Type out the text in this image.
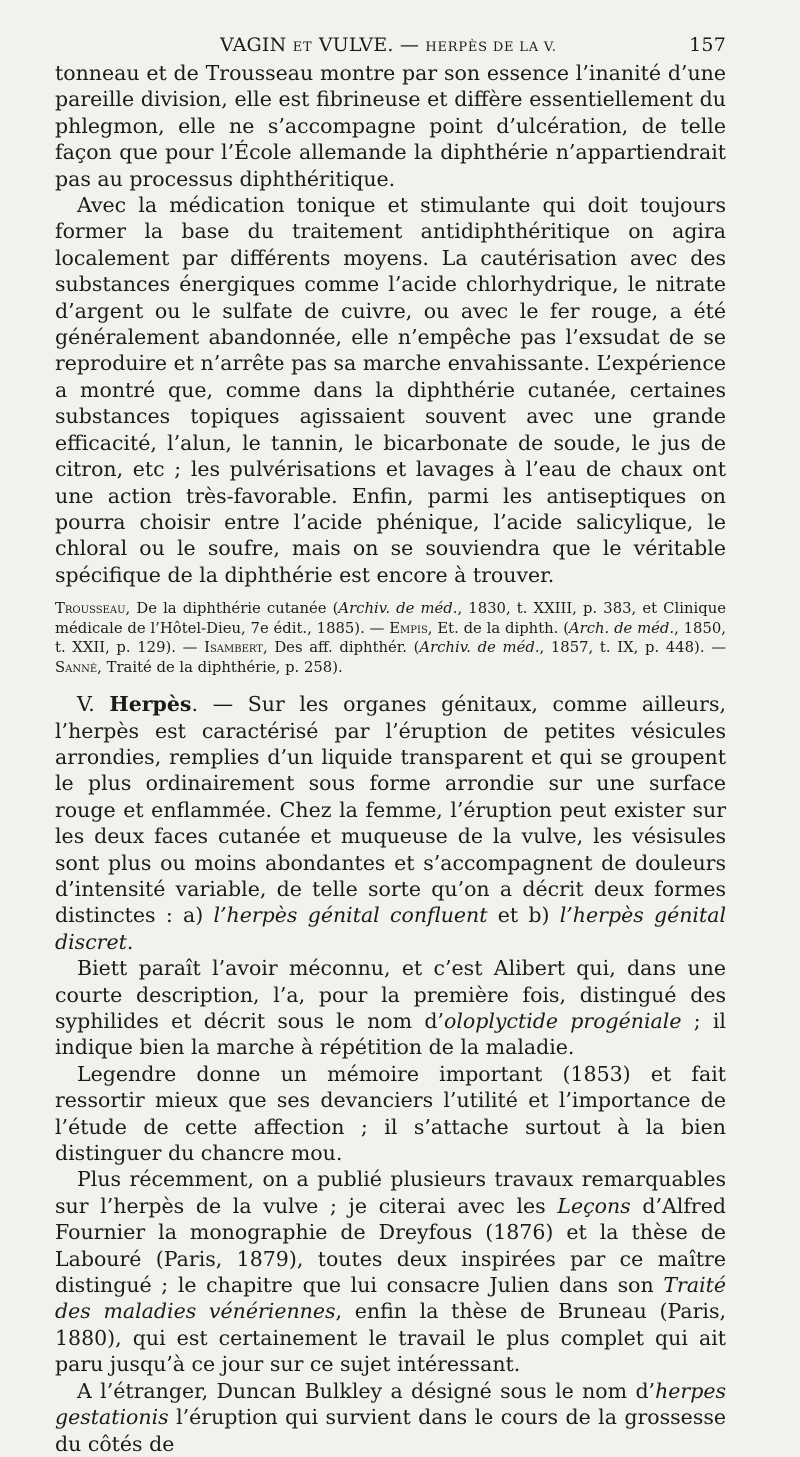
VAGIN ET VULVE. — HERPÈS DE LA V.	157

tonneau et de Trousseau montre par son essence l’inanité d’une pareille division, elle est fibrineuse et diffère essentiellement du phlegmon, elle ne s’accompagne point d’ulcération, de telle façon que pour l’École allemande la diphthérie n’appartiendrait pas au processus diphthéritique.

Avec la médication tonique et stimulante qui doit toujours former la base du traitement antidiphthéritique on agira localement par différents moyens. La cautérisation avec des substances énergiques comme l’acide chlorhydrique, le nitrate d’argent ou le sulfate de cuivre, ou avec le fer rouge, a été généralement abandonnée, elle n’empêche pas l’exsudat de se reproduire et n’arrête pas sa marche envahissante. L’expérience a montré que, comme dans la diphthérie cutanée, certaines substances topiques agissaient souvent avec une grande efficacité, l’alun, le tannin, le bicarbonate de soude, le jus de citron, etc ; les pulvérisations et lavages à l’eau de chaux ont une action très-favorable. Enfin, parmi les antiseptiques on pourra choisir entre l’acide phénique, l’acide salicylique, le chloral ou le soufre, mais on se souviendra que le véritable spécifique de la diphthérie est encore à trouver.

Trousseau, De la diphthérie cutanée (Archiv. de méd., 1830, t. XXIII, p. 383, et Clinique médicale de l’Hôtel-Dieu, 7e édit., 1885). — Empis, Et. de la diphth. (Arch. de méd., 1850, t. XXII, p. 129). — Isambert, Des aff. diphthér. (Archiv. de méd., 1857, t. IX, p. 448). — Sanné, Traité de la diphthérie, p. 258).

V. Herpès. — Sur les organes génitaux, comme ailleurs, l’herpès est caractérisé par l’éruption de petites vésicules arrondies, remplies d’un liquide transparent et qui se groupent le plus ordinairement sous forme arrondie sur une surface rouge et enflammée. Chez la femme, l’éruption peut exister sur les deux faces cutanée et muqueuse de la vulve, les vésisules sont plus ou moins abondantes et s’accompagnent de douleurs d’intensité variable, de telle sorte qu’on a décrit deux formes distinctes : a) l’herpès génital confluent et b) l’herpès génital discret.

Biett paraît l’avoir méconnu, et c’est Alibert qui, dans une courte description, l’a, pour la première fois, distingué des syphilides et décrit sous le nom d’oloplyctide progéniale ; il indique bien la marche à répétition de la maladie.

Legendre donne un mémoire important (1853) et fait ressortir mieux que ses devanciers l’utilité et l’importance de l’étude de cette affection ; il s’attache surtout à la bien distinguer du chancre mou.

Plus récemment, on a publié plusieurs travaux remarquables sur l’herpès de la vulve ; je citerai avec les Leçons d’Alfred Fournier la monographie de Dreyfous (1876) et la thèse de Labouré (Paris, 1879), toutes deux inspirées par ce maître distingué ; le chapitre que lui consacre Julien dans son Traité des maladies vénériennes, enfin la thèse de Bruneau (Paris, 1880), qui est certainement le travail le plus complet qui ait paru jusqu’à ce jour sur ce sujet intéressant.

A l’étranger, Duncan Bulkley a désigné sous le nom d’herpes gestationis l’éruption qui survient dans le cours de la grossesse du côtés de
